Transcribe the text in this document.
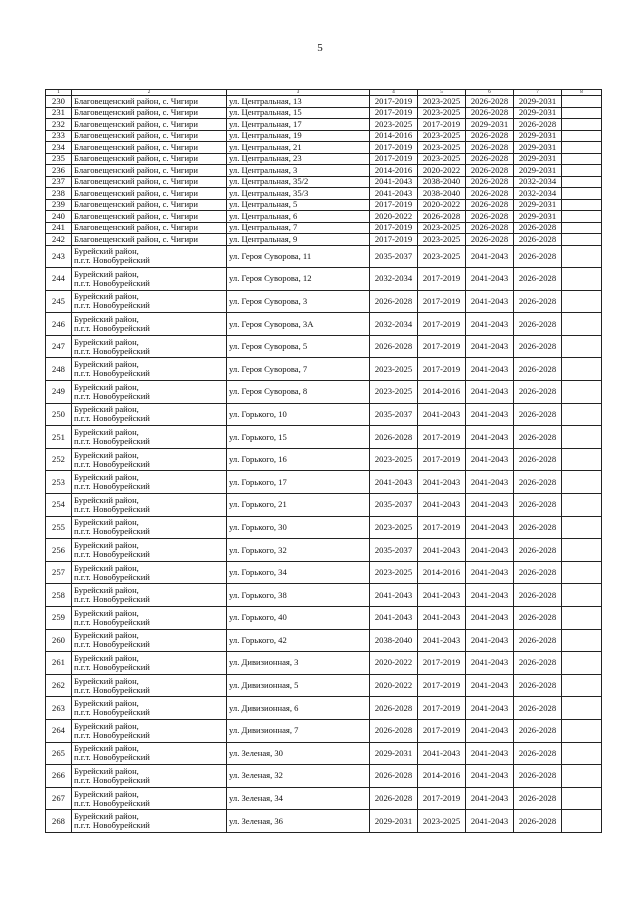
5
1	2	3	4	5	6	7	8
230	Благовещенский район, с. Чигири	ул. Центральная, 13	2017-2019	2023-2025	2026-2028	2029-2031	
231	Благовещенский район, с. Чигири	ул. Центральная, 15	2017-2019	2023-2025	2026-2028	2029-2031	
232	Благовещенский район, с. Чигири	ул. Центральная, 17	2023-2025	2017-2019	2029-2031	2026-2028	
233	Благовещенский район, с. Чигири	ул. Центральная, 19	2014-2016	2023-2025	2026-2028	2029-2031	
234	Благовещенский район, с. Чигири	ул. Центральная, 21	2017-2019	2023-2025	2026-2028	2029-2031	
235	Благовещенский район, с. Чигири	ул. Центральная, 23	2017-2019	2023-2025	2026-2028	2029-2031	
236	Благовещенский район, с. Чигири	ул. Центральная, 3	2014-2016	2020-2022	2026-2028	2029-2031	
237	Благовещенский район, с. Чигири	ул. Центральная, 35/2	2041-2043	2038-2040	2026-2028	2032-2034	
238	Благовещенский район, с. Чигири	ул. Центральная, 35/3	2041-2043	2038-2040	2026-2028	2032-2034	
239	Благовещенский район, с. Чигири	ул. Центральная, 5	2017-2019	2020-2022	2026-2028	2029-2031	
240	Благовещенский район, с. Чигири	ул. Центральная, 6	2020-2022	2026-2028	2026-2028	2029-2031	
241	Благовещенский район, с. Чигири	ул. Центральная, 7	2017-2019	2023-2025	2026-2028	2026-2028	
242	Благовещенский район, с. Чигири	ул. Центральная, 9	2017-2019	2023-2025	2026-2028	2026-2028	
243	Бурейский район,
п.г.т. Новобурейский	ул. Героя Суворова, 11	2035-2037	2023-2025	2041-2043	2026-2028	
244	Бурейский район,
п.г.т. Новобурейский	ул. Героя Суворова, 12	2032-2034	2017-2019	2041-2043	2026-2028	
245	Бурейский район,
п.г.т. Новобурейский	ул. Героя Суворова, 3	2026-2028	2017-2019	2041-2043	2026-2028	
246	Бурейский район,
п.г.т. Новобурейский	ул. Героя Суворова, 3А	2032-2034	2017-2019	2041-2043	2026-2028	
247	Бурейский район,
п.г.т. Новобурейский	ул. Героя Суворова, 5	2026-2028	2017-2019	2041-2043	2026-2028	
248	Бурейский район,
п.г.т. Новобурейский	ул. Героя Суворова, 7	2023-2025	2017-2019	2041-2043	2026-2028	
249	Бурейский район,
п.г.т. Новобурейский	ул. Героя Суворова, 8	2023-2025	2014-2016	2041-2043	2026-2028	
250	Бурейский район,
п.г.т. Новобурейский	ул. Горького, 10	2035-2037	2041-2043	2041-2043	2026-2028	
251	Бурейский район,
п.г.т. Новобурейский	ул. Горького, 15	2026-2028	2017-2019	2041-2043	2026-2028	
252	Бурейский район,
п.г.т. Новобурейский	ул. Горького, 16	2023-2025	2017-2019	2041-2043	2026-2028	
253	Бурейский район,
п.г.т. Новобурейский	ул. Горького, 17	2041-2043	2041-2043	2041-2043	2026-2028	
254	Бурейский район,
п.г.т. Новобурейский	ул. Горького, 21	2035-2037	2041-2043	2041-2043	2026-2028	
255	Бурейский район,
п.г.т. Новобурейский	ул. Горького, 30	2023-2025	2017-2019	2041-2043	2026-2028	
256	Бурейский район,
п.г.т. Новобурейский	ул. Горького, 32	2035-2037	2041-2043	2041-2043	2026-2028	
257	Бурейский район,
п.г.т. Новобурейский	ул. Горького, 34	2023-2025	2014-2016	2041-2043	2026-2028	
258	Бурейский район,
п.г.т. Новобурейский	ул. Горького, 38	2041-2043	2041-2043	2041-2043	2026-2028	
259	Бурейский район,
п.г.т. Новобурейский	ул. Горького, 40	2041-2043	2041-2043	2041-2043	2026-2028	
260	Бурейский район,
п.г.т. Новобурейский	ул. Горького, 42	2038-2040	2041-2043	2041-2043	2026-2028	
261	Бурейский район,
п.г.т. Новобурейский	ул. Дивизионная, 3	2020-2022	2017-2019	2041-2043	2026-2028	
262	Бурейский район,
п.г.т. Новобурейский	ул. Дивизионная, 5	2020-2022	2017-2019	2041-2043	2026-2028	
263	Бурейский район,
п.г.т. Новобурейский	ул. Дивизионная, 6	2026-2028	2017-2019	2041-2043	2026-2028	
264	Бурейский район,
п.г.т. Новобурейский	ул. Дивизионная, 7	2026-2028	2017-2019	2041-2043	2026-2028	
265	Бурейский район,
п.г.т. Новобурейский	ул. Зеленая, 30	2029-2031	2041-2043	2041-2043	2026-2028	
266	Бурейский район,
п.г.т. Новобурейский	ул. Зеленая, 32	2026-2028	2014-2016	2041-2043	2026-2028	
267	Бурейский район,
п.г.т. Новобурейский	ул. Зеленая, 34	2026-2028	2017-2019	2041-2043	2026-2028	
268	Бурейский район,
п.г.т. Новобурейский	ул. Зеленая, 36	2029-2031	2023-2025	2041-2043	2026-2028	
